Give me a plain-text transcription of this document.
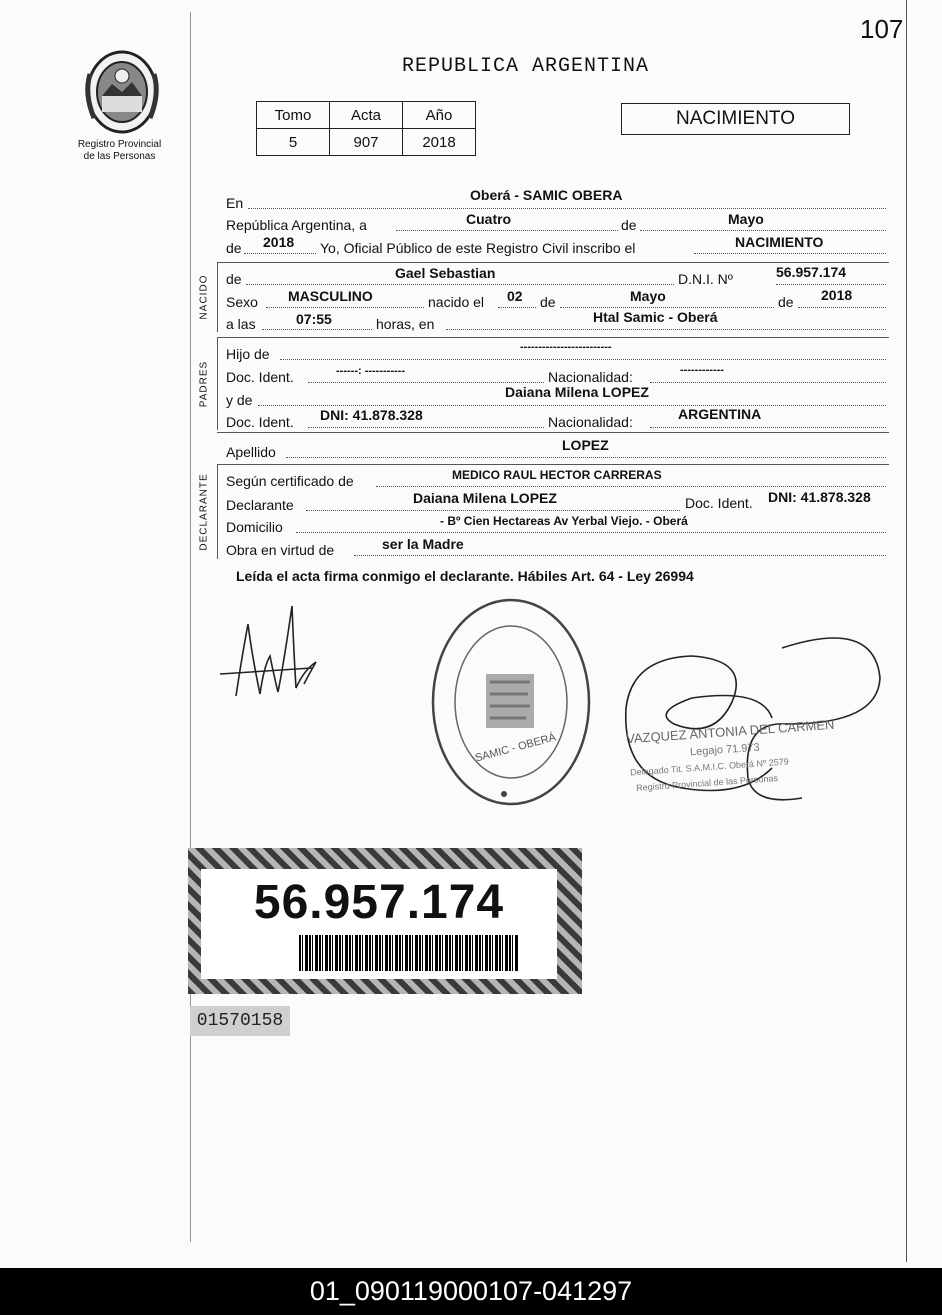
107
Registro Provincial
de las Personas
REPUBLICA ARGENTINA
Tomo	Acta	Año
5	907	2018
NACIMIENTO
En	Oberá - SAMIC OBERA
República Argentina, a	Cuatro	de	Mayo
de 2018 Yo, Oficial Público de este Registro Civil inscribo el	NACIMIENTO
NACIDO de	Gael Sebastian	D.N.I. Nº	56.957.174
Sexo MASCULINO	nacido el 02 de	Mayo	de 2018
a las	07:55	horas, en	Htal Samic - Oberá
PADRES
Hijo de	-------------------------
Doc. Ident.	------: -----------	Nacionalidad:	------------
y de	Daiana Milena LOPEZ
Doc. Ident. DNI: 41.878.328	Nacionalidad:	ARGENTINA
Apellido	LOPEZ
DECLARANTE Según certificado de	MEDICO RAUL HECTOR CARRERAS
Declarante	Daiana Milena LOPEZ	Doc. Ident. DNI: 41.878.328
Domicilio	- Bº Cien Hectareas Av Yerbal Viejo. - Oberá
Obra en virtud de	ser la Madre
Leída el acta firma conmigo el declarante. Hábiles Art. 64 - Ley 26994
VAZQUEZ ANTONIA DEL CARMEN
Legajo 71.973
Delegado Tit. S.A.M.I.C. Oberá Nº 2579
Registro Provincial de las Personas
SAMIC - OBERÁ
56.957.174
01570158
01_090119000107-041297
